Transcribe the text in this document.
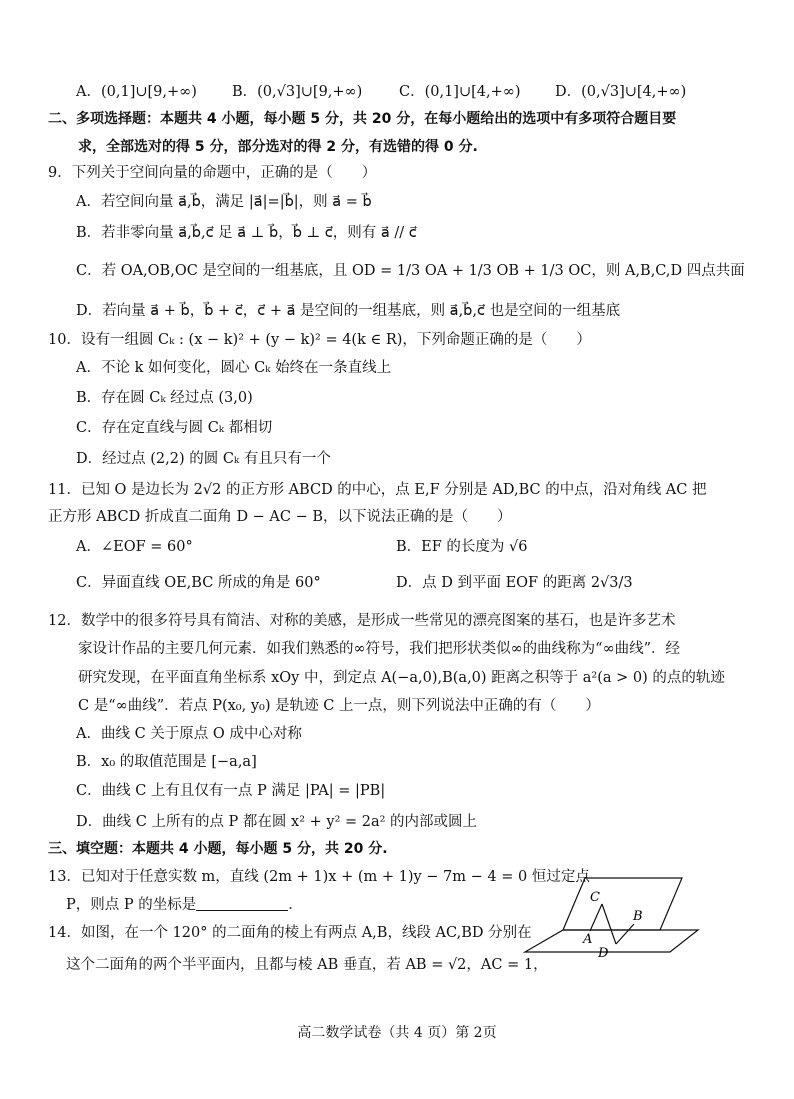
A．(0,1]∪[9,+∞) B．(0,√3]∪[9,+∞)	C．(0,1]∪[4,+∞) D．(0,√3]∪[4,+∞)
二、多项选择题：本题共 4 小题，每小题 5 分，共 20 分，在每小题给出的选项中有多项符合题目要
求，全部选对的得 5 分，部分选对的得 2 分，有选错的得 0 分.
9．下列关于空间向量的命题中，正确的是（　　）
A．若空间向量 a⃗,b⃗，满足 |a⃗|=|b⃗|，则 a⃗ = b⃗
B．若非零向量 a⃗,b⃗,c⃗ 足 a⃗ ⊥ b⃗，b⃗ ⊥ c⃗，则有 a⃗ // c⃗
C．若 OA,OB,OC 是空间的一组基底，且 OD = 1/3 OA + 1/3 OB + 1/3 OC，则 A,B,C,D 四点共面
D．若向量 a⃗ + b⃗，b⃗ + c⃗，c⃗ + a⃗ 是空间的一组基底，则 a⃗,b⃗,c⃗ 也是空间的一组基底
10．设有一组圆 Cₖ : (x − k)² + (y − k)² = 4(k ∈ R)，下列命题正确的是（　　）
A．不论 k 如何变化，圆心 Cₖ 始终在一条直线上
B．存在圆 Cₖ 经过点 (3,0)
C．存在定直线与圆 Cₖ 都相切
D．经过点 (2,2) 的圆 Cₖ 有且只有一个
11．已知 O 是边长为 2√2 的正方形 ABCD 的中心，点 E,F 分别是 AD,BC 的中点，沿对角线 AC 把
正方形 ABCD 折成直二面角 D − AC − B，以下说法正确的是（　　）
A．∠EOF = 60°	B．EF 的长度为 √6
C．异面直线 OE,BC 所成的角是 60°	D．点 D 到平面 EOF 的距离 2√3/3
12．数学中的很多符号具有简洁、对称的美感，是形成一些常见的漂亮图案的基石，也是许多艺术
家设计作品的主要几何元素．如我们熟悉的∞符号，我们把形状类似∞的曲线称为“∞曲线”．经
研究发现，在平面直角坐标系 xOy 中，到定点 A(−a,0),B(a,0) 距离之积等于 a²(a > 0) 的点的轨迹
C 是“∞曲线”．若点 P(x₀, y₀) 是轨迹 C 上一点，则下列说法中正确的有（　　）
A．曲线 C 关于原点 O 成中心对称
B．x₀ 的取值范围是 [−a,a]
C．曲线 C 上有且仅有一点 P 满足 |PA| = |PB|
D．曲线 C 上所有的点 P 都在圆 x² + y² = 2a² 的内部或圆上
三、填空题：本题共 4 小题，每小题 5 分，共 20 分.
13．已知对于任意实数 m，直线 (2m + 1)x + (m + 1)y − 7m − 4 = 0 恒过定点
P，则点 P 的坐标是	．
14．如图，在一个 120° 的二面角的棱上有两点 A,B，线段 AC,BD 分别在
这个二面角的两个半平面内，且都与棱 AB 垂直，若 AB = √2，AC = 1，
C
A
B
D
高二数学试卷（共 4 页）第 2页
